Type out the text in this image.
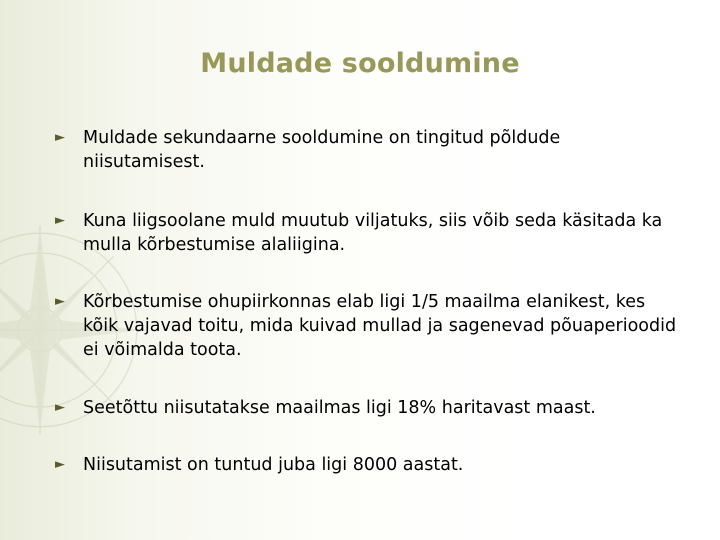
Muldade sooldumine
► Muldade sekundaarne sooldumine on tingitud põldude niisutamisest.
► Kuna liigsoolane muld muutub viljatuks, siis võib seda käsitada ka mulla kõrbestumise alaliigina.
► Kõrbestumise ohupiirkonnas elab ligi 1/5 maailma elanikest, kes kõik vajavad toitu, mida kuivad mullad ja sagenevad põuaperioodid ei võimalda toota.
► Seetõttu niisutatakse maailmas ligi 18% haritavast maast.
► Niisutamist on tuntud juba ligi 8000 aastat.
